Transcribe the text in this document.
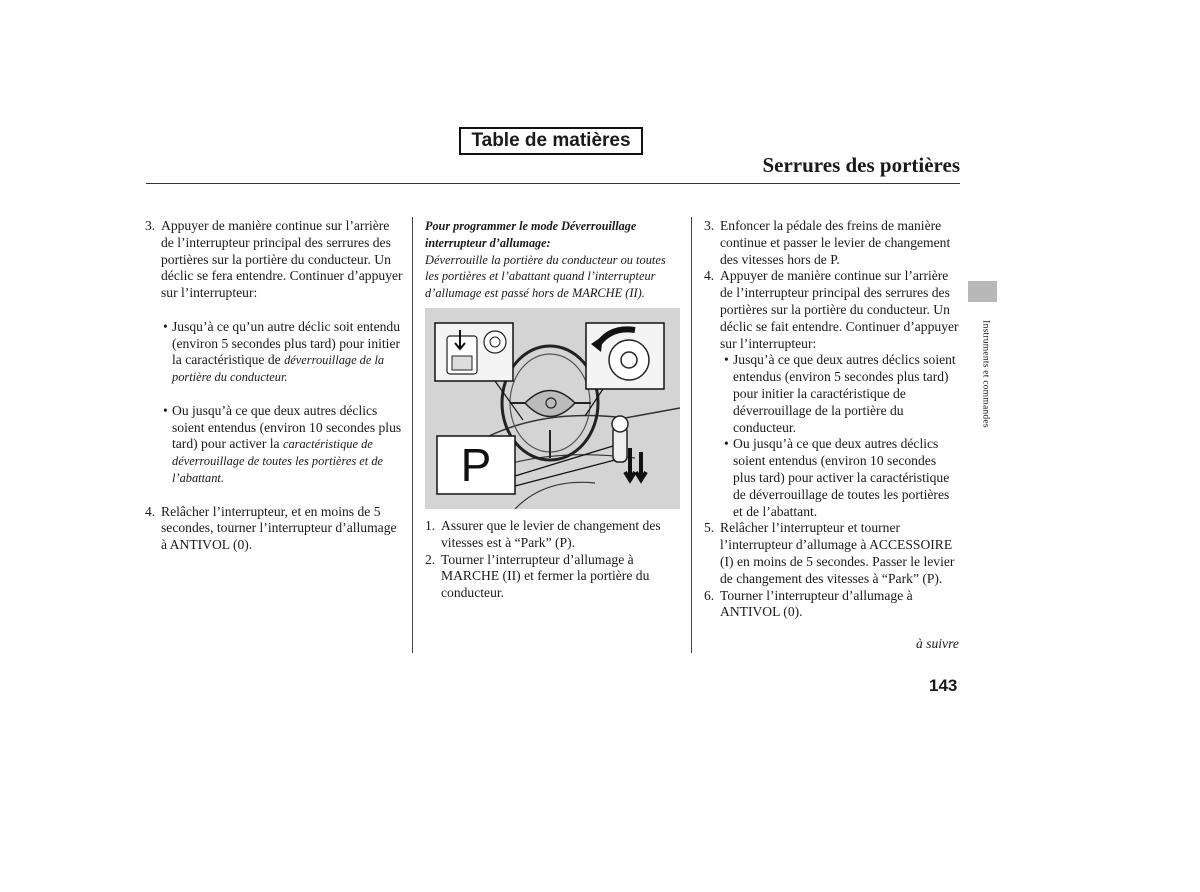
Table de matières
Serrures des portières
3. Appuyer de manière continue sur l’arrière de l’interrupteur principal des serrures des portières sur la portière du conducteur. Un déclic se fera entendre. Continuer d’appuyer sur l’interrupteur:
• Jusqu’à ce qu’un autre déclic soit entendu (environ 5 secondes plus tard) pour initier la caractéristique de déverrouillage de la portière du conducteur.
• Ou jusqu’à ce que deux autres déclics soient entendus (environ 10 secondes plus tard) pour activer la caractéristique de déverrouillage de toutes les portières et de l’abattant.
4. Relâcher l’interrupteur, et en moins de 5 secondes, tourner l’interrupteur d’allumage à ANTIVOL (0).
Pour programmer le mode Déverrouillage interrupteur d’allumage:
Déverrouille la portière du conducteur ou toutes les portières et l’abattant quand l’interrupteur d’allumage est passé hors de MARCHE (II).
P
1. Assurer que le levier de changement des vitesses est à “Park” (P).
2. Tourner l’interrupteur d’allumage à MARCHE (II) et fermer la portière du conducteur.
3. Enfoncer la pédale des freins de manière continue et passer le levier de changement des vitesses hors de P.
4. Appuyer de manière continue sur l’arrière de l’interrupteur principal des serrures des portières sur la portière du conducteur. Un déclic se fait entendre. Continuer d’appuyer sur l’interrupteur:
• Jusqu’à ce que deux autres déclics soient entendus (environ 5 secondes plus tard) pour initier la caractéristique de déverrouillage de la portière du conducteur.
• Ou jusqu’à ce que deux autres déclics soient entendus (environ 10 secondes plus tard) pour activer la caractéristique de déverrouillage de toutes les portières et de l’abattant.
5. Relâcher l’interrupteur et tourner l’interrupteur d’allumage à ACCESSOIRE (I) en moins de 5 secondes. Passer le levier de changement des vitesses à “Park” (P).
6. Tourner l’interrupteur d’allumage à ANTIVOL (0).
Instruments et commandes
à suivre
143
